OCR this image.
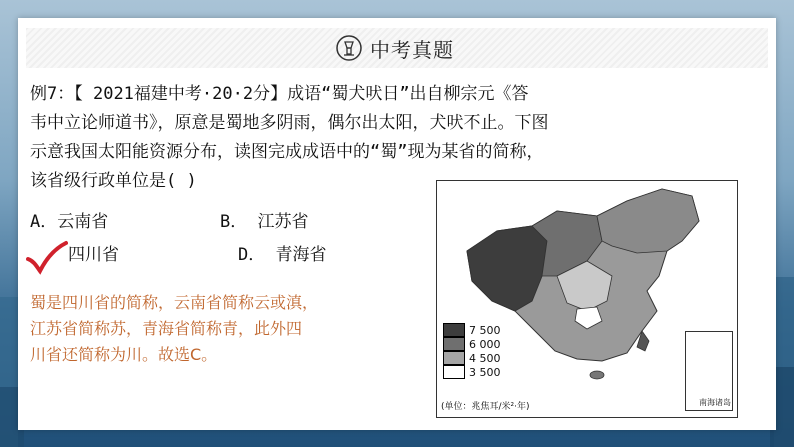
中考真题

例7：【 2021福建中考·20·2分】成语“蜀犬吠日”出自柳宗元《答

韦中立论师道书》，原意是蜀地多阴雨，偶尔出太阳，犬吠不止。下图

示意我国太阳能资源分布，读图完成成语中的“蜀”现为某省的简称，

该省级行政单位是( )

A．云南省	B． 江苏省
四川省	D． 青海省

蜀是四川省的简称，云南省简称云或滇，

江苏省简称苏，青海省简称青，此外四

川省还简称为川。故选C。

7 500
6 000
4 500
3 500
(单位：兆焦耳/米²·年)	南海诸岛
